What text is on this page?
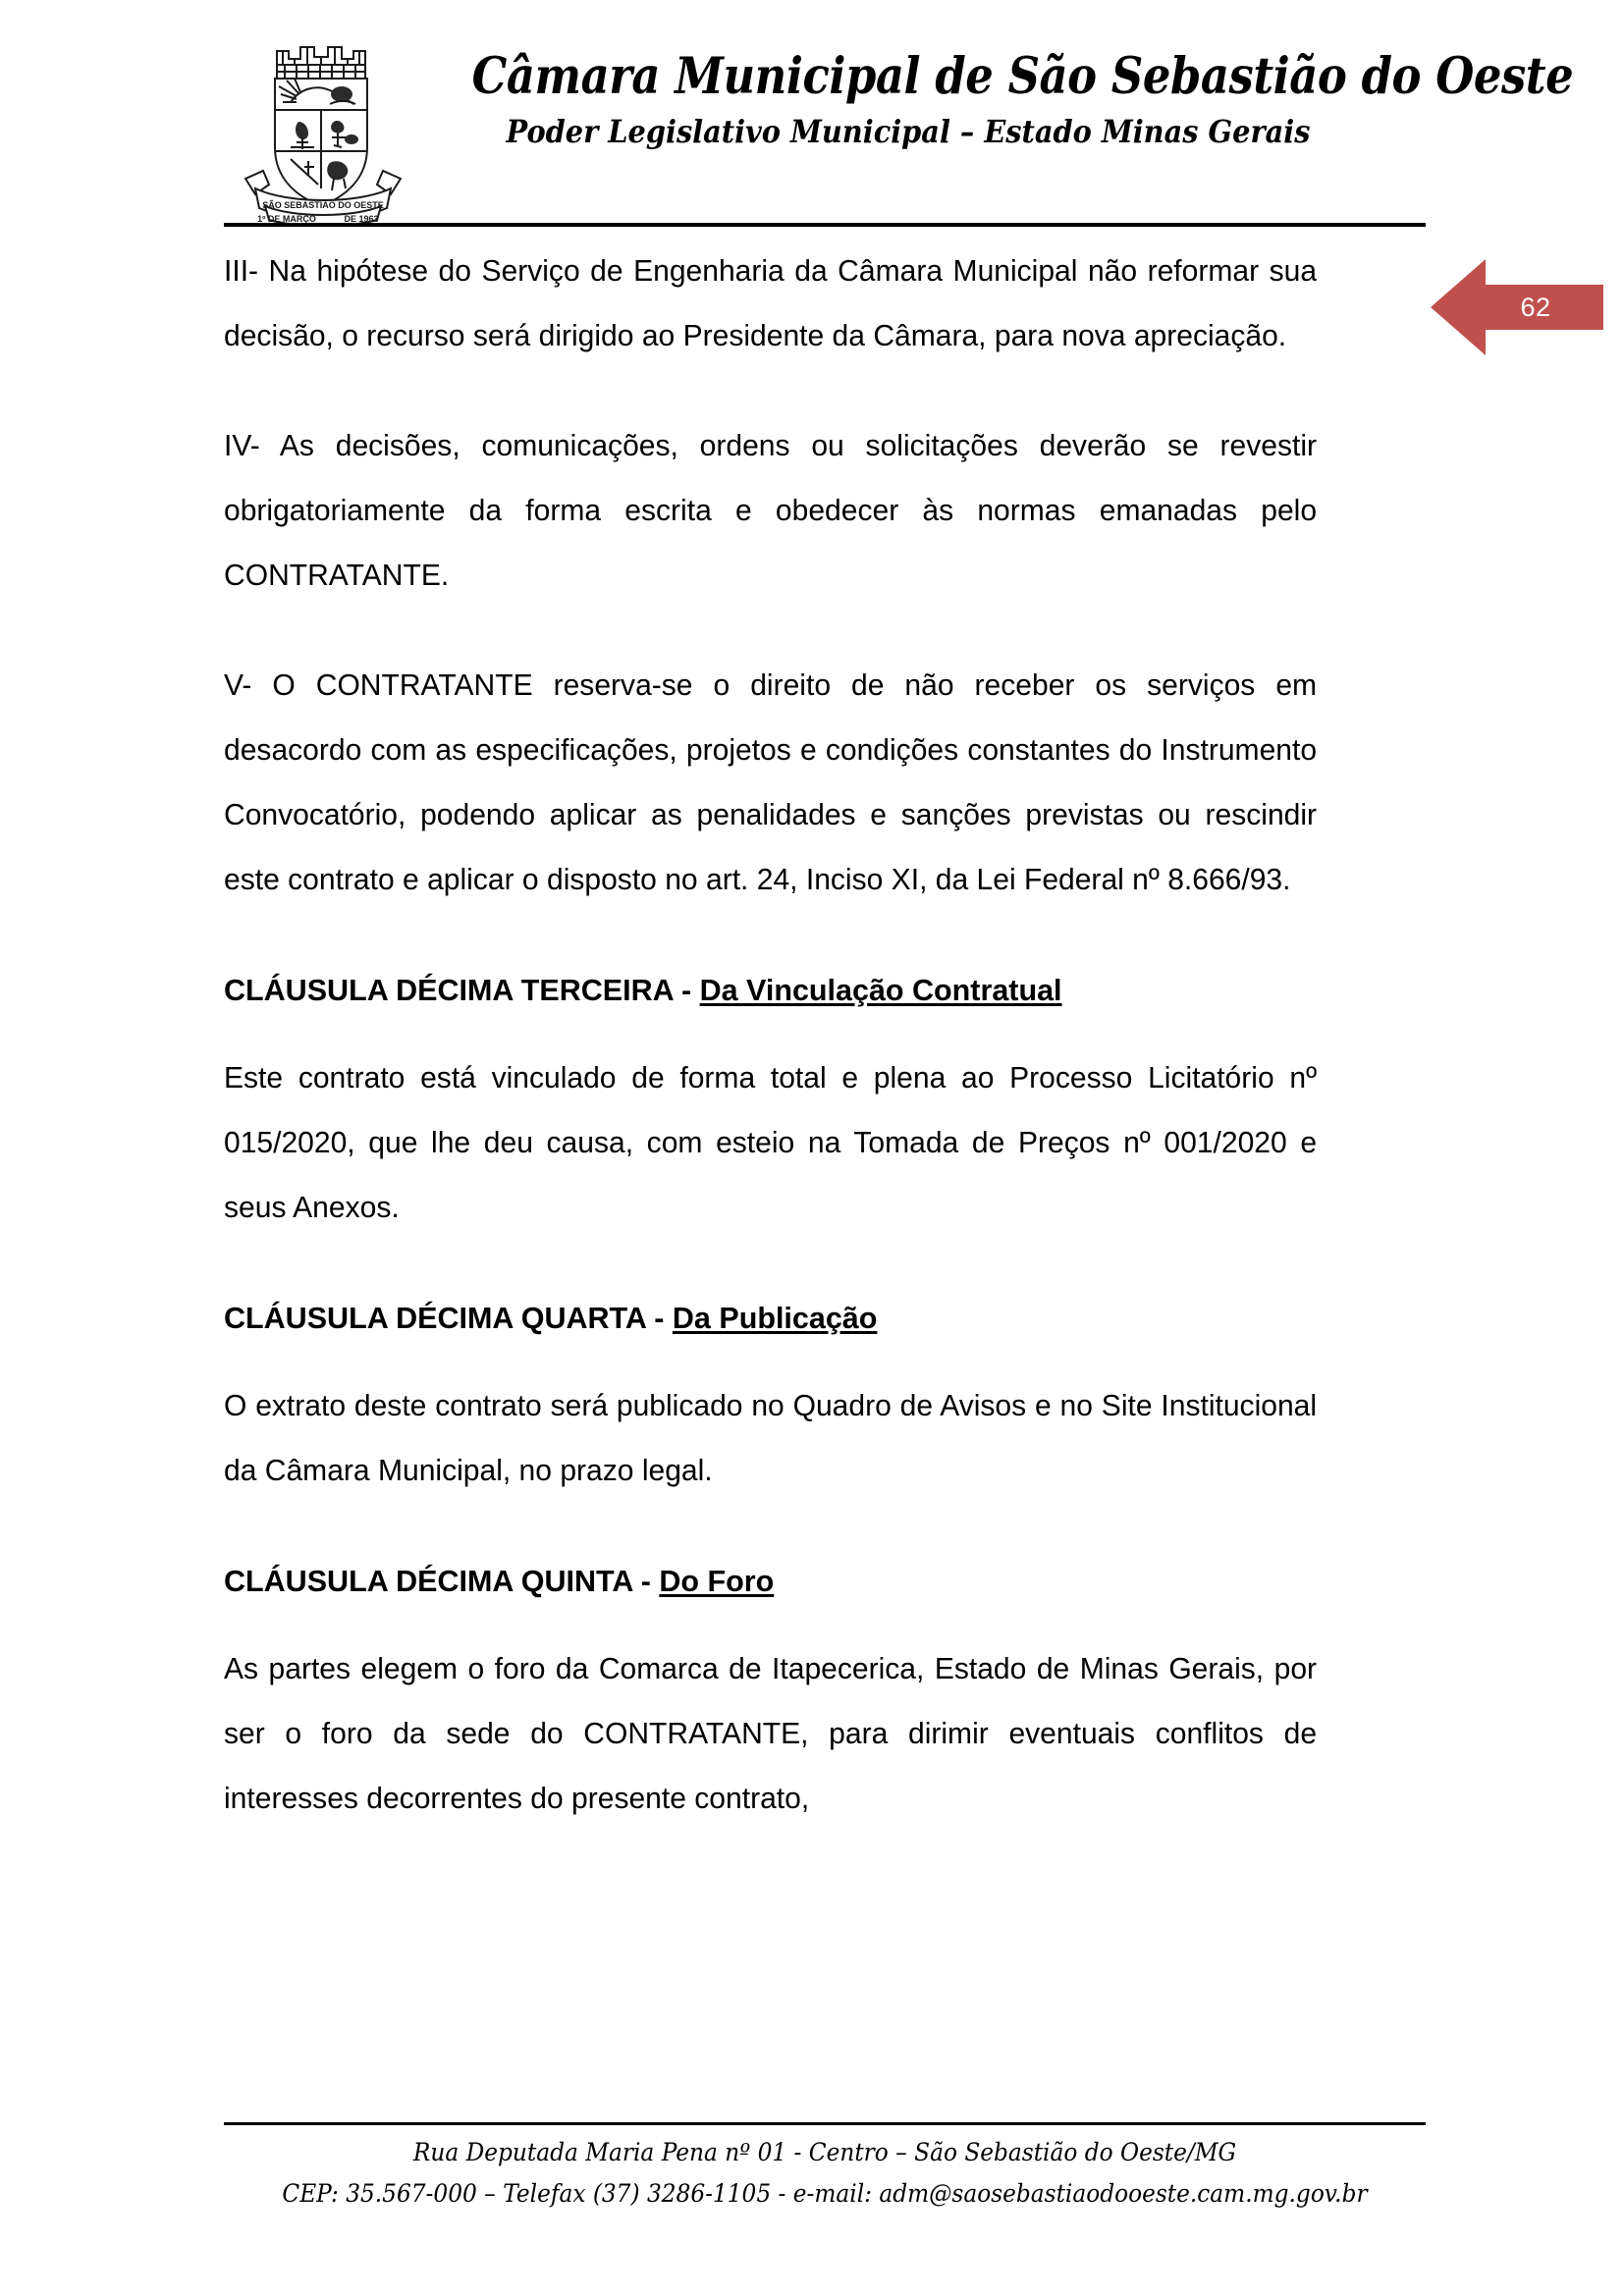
SÃO SEBASTIÃO DO OESTE
1º DE MARÇO	DE 1963
Câmara Municipal de São Sebastião do Oeste
Poder Legislativo Municipal – Estado Minas Gerais
62

III- Na hipótese do Serviço de Engenharia da Câmara Municipal não reformar sua decisão, o recurso será dirigido ao Presidente da Câmara, para nova apreciação.

IV- As decisões, comunicações, ordens ou solicitações deverão se revestir obrigatoriamente da forma escrita e obedecer às normas emanadas pelo CONTRATANTE.

V- O CONTRATANTE reserva-se o direito de não receber os serviços em desacordo com as especificações, projetos e condições constantes do Instrumento Convocatório, podendo aplicar as penalidades e sanções previstas ou rescindir este contrato e aplicar o disposto no art. 24, Inciso XI, da Lei Federal nº 8.666/93.

CLÁUSULA DÉCIMA TERCEIRA - Da Vinculação Contratual

Este contrato está vinculado de forma total e plena ao Processo Licitatório nº 015/2020, que lhe deu causa, com esteio na Tomada de Preços nº 001/2020 e seus Anexos.

CLÁUSULA DÉCIMA QUARTA - Da Publicação

O extrato deste contrato será publicado no Quadro de Avisos e no Site Institucional da Câmara Municipal, no prazo legal.

CLÁUSULA DÉCIMA QUINTA - Do Foro

As partes elegem o foro da Comarca de Itapecerica, Estado de Minas Gerais, por ser o foro da sede do CONTRATANTE, para dirimir eventuais conflitos de interesses decorrentes do presente contrato,

Rua Deputada Maria Pena nº 01 - Centro – São Sebastião do Oeste/MG
CEP: 35.567-000 – Telefax (37) 3286-1105 - e-mail: adm@saosebastiaodooeste.cam.mg.gov.br
